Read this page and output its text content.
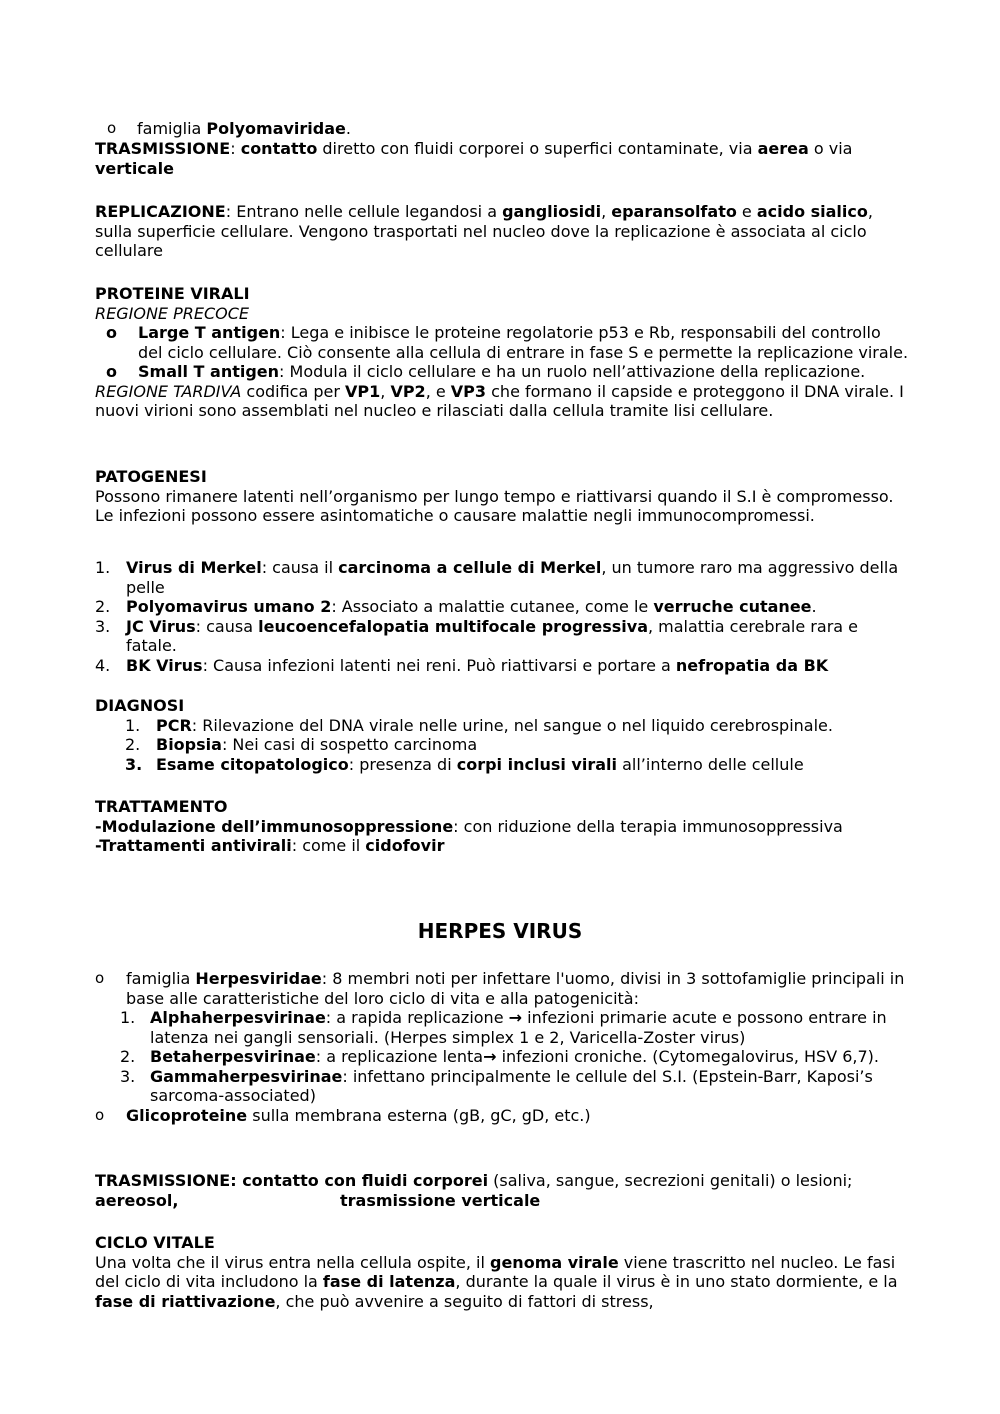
o famiglia Polyomaviridae.
TRASMISSIONE: contatto diretto con fluidi corporei o superfici contaminate, via aerea o via verticale
REPLICAZIONE: Entrano nelle cellule legandosi a gangliosidi, eparansolfato e acido sialico, sulla superficie cellulare. Vengono trasportati nel nucleo dove la replicazione è associata al ciclo cellulare
PROTEINE VIRALI
REGIONE PRECOCE
o Large T antigen: Lega e inibisce le proteine regolatorie p53 e Rb, responsabili del controllo del ciclo cellulare. Ciò consente alla cellula di entrare in fase S e permette la replicazione virale.
o Small T antigen: Modula il ciclo cellulare e ha un ruolo nell’attivazione della replicazione.
REGIONE TARDIVA codifica per VP1, VP2, e VP3 che formano il capside e proteggono il DNA virale. I nuovi virioni sono assemblati nel nucleo e rilasciati dalla cellula tramite lisi cellulare.
PATOGENESI
Possono rimanere latenti nell’organismo per lungo tempo e riattivarsi quando il S.I è compromesso. Le infezioni possono essere asintomatiche o causare malattie negli immunocompromessi.
1. Virus di Merkel: causa il carcinoma a cellule di Merkel, un tumore raro ma aggressivo della pelle
2. Polyomavirus umano 2: Associato a malattie cutanee, come le verruche cutanee.
3. JC Virus: causa leucoencefalopatia multifocale progressiva, malattia cerebrale rara e fatale.
4. BK Virus: Causa infezioni latenti nei reni. Può riattivarsi e portare a nefropatia da BK
DIAGNOSI
1. PCR: Rilevazione del DNA virale nelle urine, nel sangue o nel liquido cerebrospinale.
2. Biopsia: Nei casi di sospetto carcinoma
3. Esame citopatologico: presenza di corpi inclusi virali all’interno delle cellule
TRATTAMENTO
-Modulazione dell’immunosoppressione: con riduzione della terapia immunosoppressiva
-Trattamenti antivirali: come il cidofovir
HERPES VIRUS
o famiglia Herpesviridae: 8 membri noti per infettare l'uomo, divisi in 3 sottofamiglie principali in base alle caratteristiche del loro ciclo di vita e alla patogenicità:
1. Alphaherpesvirinae: a rapida replicazione → infezioni primarie acute e possono entrare in latenza nei gangli sensoriali. (Herpes simplex 1 e 2, Varicella-Zoster virus)
2. Betaherpesvirinae: a replicazione lenta→ infezioni croniche. (Cytomegalovirus, HSV 6,7).
3. Gammaherpesvirinae: infettano principalmente le cellule del S.I. (Epstein-Barr, Kaposi’s sarcoma-associated)
o Glicoproteine sulla membrana esterna (gB, gC, gD, etc.)
TRASMISSIONE: contatto con fluidi corporei (saliva, sangue, secrezioni genitali) o lesioni;
aereosol,	trasmissione verticale
CICLO VITALE
Una volta che il virus entra nella cellula ospite, il genoma virale viene trascritto nel nucleo. Le fasi del ciclo di vita includono la fase di latenza, durante la quale il virus è in uno stato dormiente, e la fase di riattivazione, che può avvenire a seguito di fattori di stress,
